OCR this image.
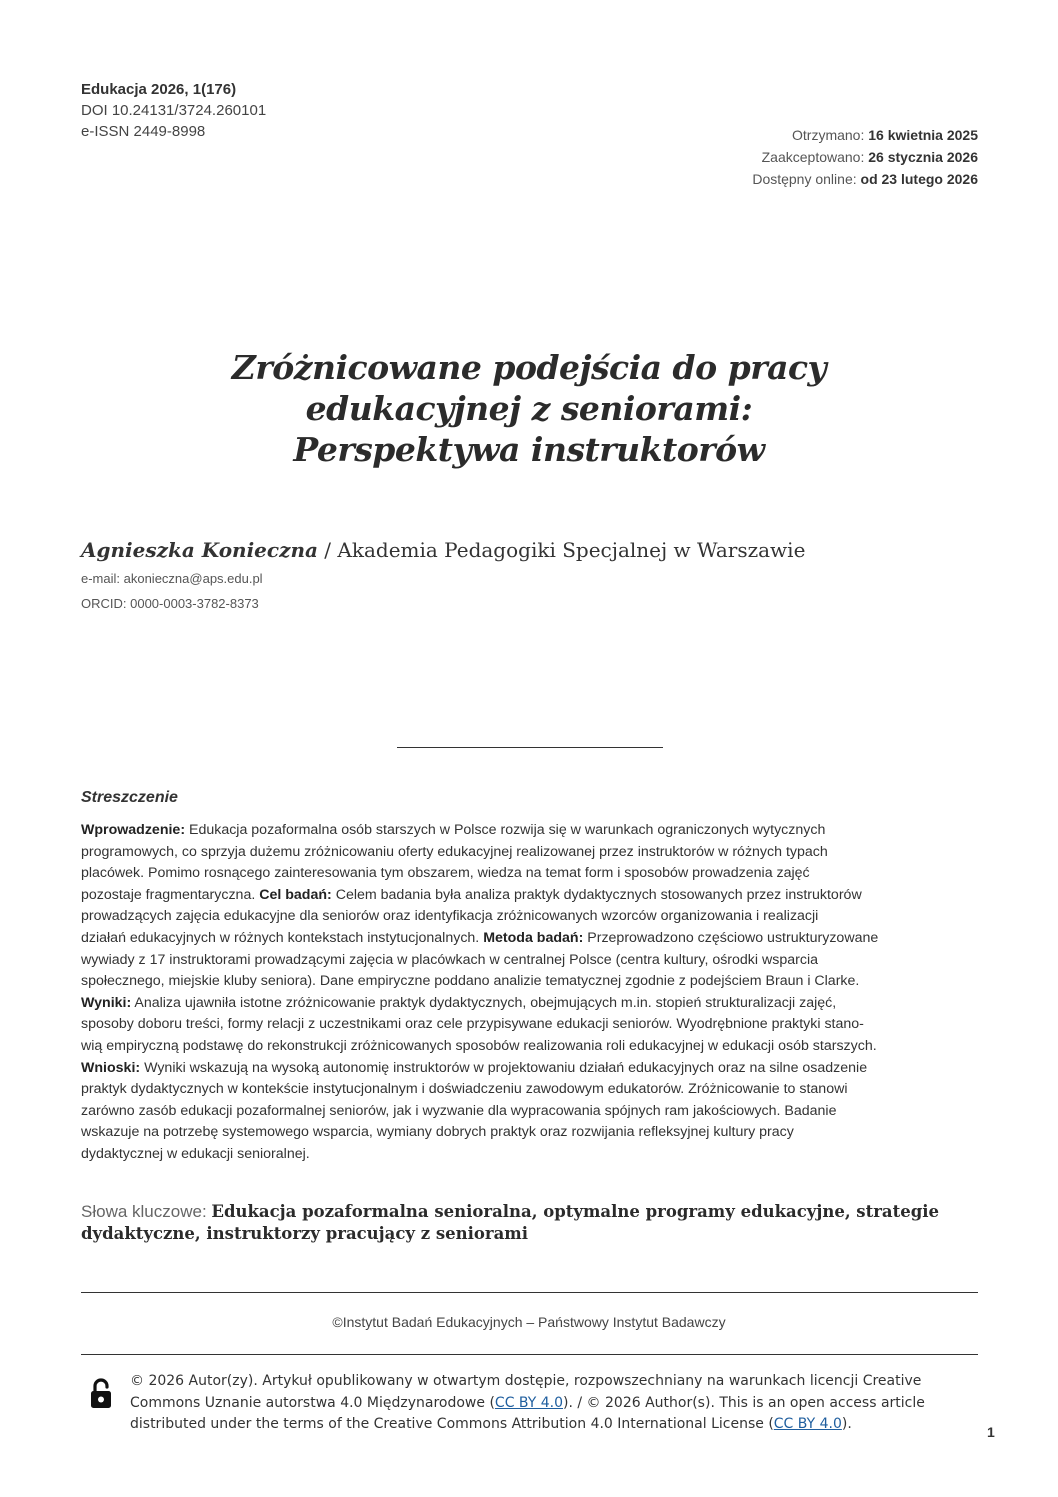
Edukacja 2026, 1(176)
DOI 10.24131/3724.260101
e-ISSN 2449-8998	Otrzymano: 16 kwietnia 2025
Zaakceptowano: 26 stycznia 2026
Dostępny online: od 23 lutego 2026
Zróżnicowane podejścia do pracy
edukacyjnej z seniorami:
Perspektywa instruktorów
Agnieszka Konieczna / Akademia Pedagogiki Specjalnej w Warszawie
e-mail: akonieczna@aps.edu.pl
ORCID: 0000-0003-3782-8373
Streszczenie
Wprowadzenie: Edukacja pozaformalna osób starszych w Polsce rozwija się w warunkach ograniczonych wytycznych
programowych, co sprzyja dużemu zróżnicowaniu oferty edukacyjnej realizowanej przez instruktorów w różnych typach
placówek. Pomimo rosnącego zainteresowania tym obszarem, wiedza na temat form i sposobów prowadzenia zajęć
pozostaje fragmentaryczna. Cel badań: Celem badania była analiza praktyk dydaktycznych stosowanych przez instruktorów
prowadzących zajęcia edukacyjne dla seniorów oraz identyfikacja zróżnicowanych wzorców organizowania i realizacji
działań edukacyjnych w różnych kontekstach instytucjonalnych. Metoda badań: Przeprowadzono częściowo ustrukturyzowane
wywiady z 17 instruktorami prowadzącymi zajęcia w placówkach w centralnej Polsce (centra kultury, ośrodki wsparcia
społecznego, miejskie kluby seniora). Dane empiryczne poddano analizie tematycznej zgodnie z podejściem Braun i Clarke.
Wyniki: Analiza ujawniła istotne zróżnicowanie praktyk dydaktycznych, obejmujących m.in. stopień strukturalizacji zajęć,
sposoby doboru treści, formy relacji z uczestnikami oraz cele przypisywane edukacji seniorów. Wyodrębnione praktyki stano-
wią empiryczną podstawę do rekonstrukcji zróżnicowanych sposobów realizowania roli edukacyjnej w edukacji osób starszych.
Wnioski: Wyniki wskazują na wysoką autonomię instruktorów w projektowaniu działań edukacyjnych oraz na silne osadzenie
praktyk dydaktycznych w kontekście instytucjonalnym i doświadczeniu zawodowym edukatorów. Zróżnicowanie to stanowi
zarówno zasób edukacji pozaformalnej seniorów, jak i wyzwanie dla wypracowania spójnych ram jakościowych. Badanie
wskazuje na potrzebę systemowego wsparcia, wymiany dobrych praktyk oraz rozwijania refleksyjnej kultury pracy
dydaktycznej w edukacji senioralnej.
Słowa kluczowe: Edukacja pozaformalna senioralna, optymalne programy edukacyjne, strategie
dydaktyczne, instruktorzy pracujący z seniorami
©Instytut Badań Edukacyjnych – Państwowy Instytut Badawczy
© 2026 Autor(zy). Artykuł opublikowany w otwartym dostępie, rozpowszechniany na warunkach licencji Creative
Commons Uznanie autorstwa 4.0 Międzynarodowe (CC BY 4.0). / © 2026 Author(s). This is an open access article
distributed under the terms of the Creative Commons Attribution 4.0 International License (CC BY 4.0).	1
